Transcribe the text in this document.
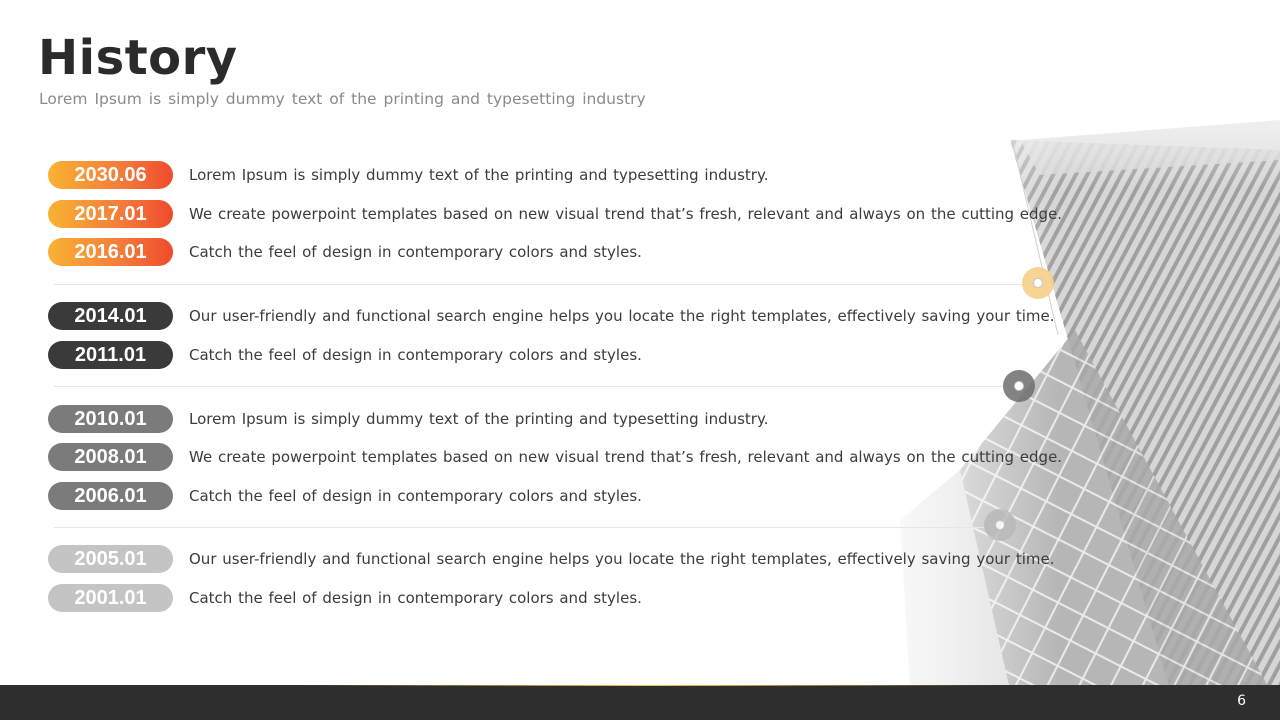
History
Lorem Ipsum is simply dummy text of the printing and typesetting industry
2030.06	Lorem Ipsum is simply dummy text of the printing and typesetting industry.
2017.01	We create powerpoint templates based on new visual trend that’s fresh, relevant and always on the cutting edge.
2016.01	Catch the feel of design in contemporary colors and styles.
2014.01	Our user-friendly and functional search engine helps you locate the right templates, effectively saving your time.
2011.01	Catch the feel of design in contemporary colors and styles.
2010.01	Lorem Ipsum is simply dummy text of the printing and typesetting industry.
2008.01	We create powerpoint templates based on new visual trend that’s fresh, relevant and always on the cutting edge.
2006.01	Catch the feel of design in contemporary colors and styles.
2005.01	Our user-friendly and functional search engine helps you locate the right templates, effectively saving your time.
2001.01	Catch the feel of design in contemporary colors and styles.
6
